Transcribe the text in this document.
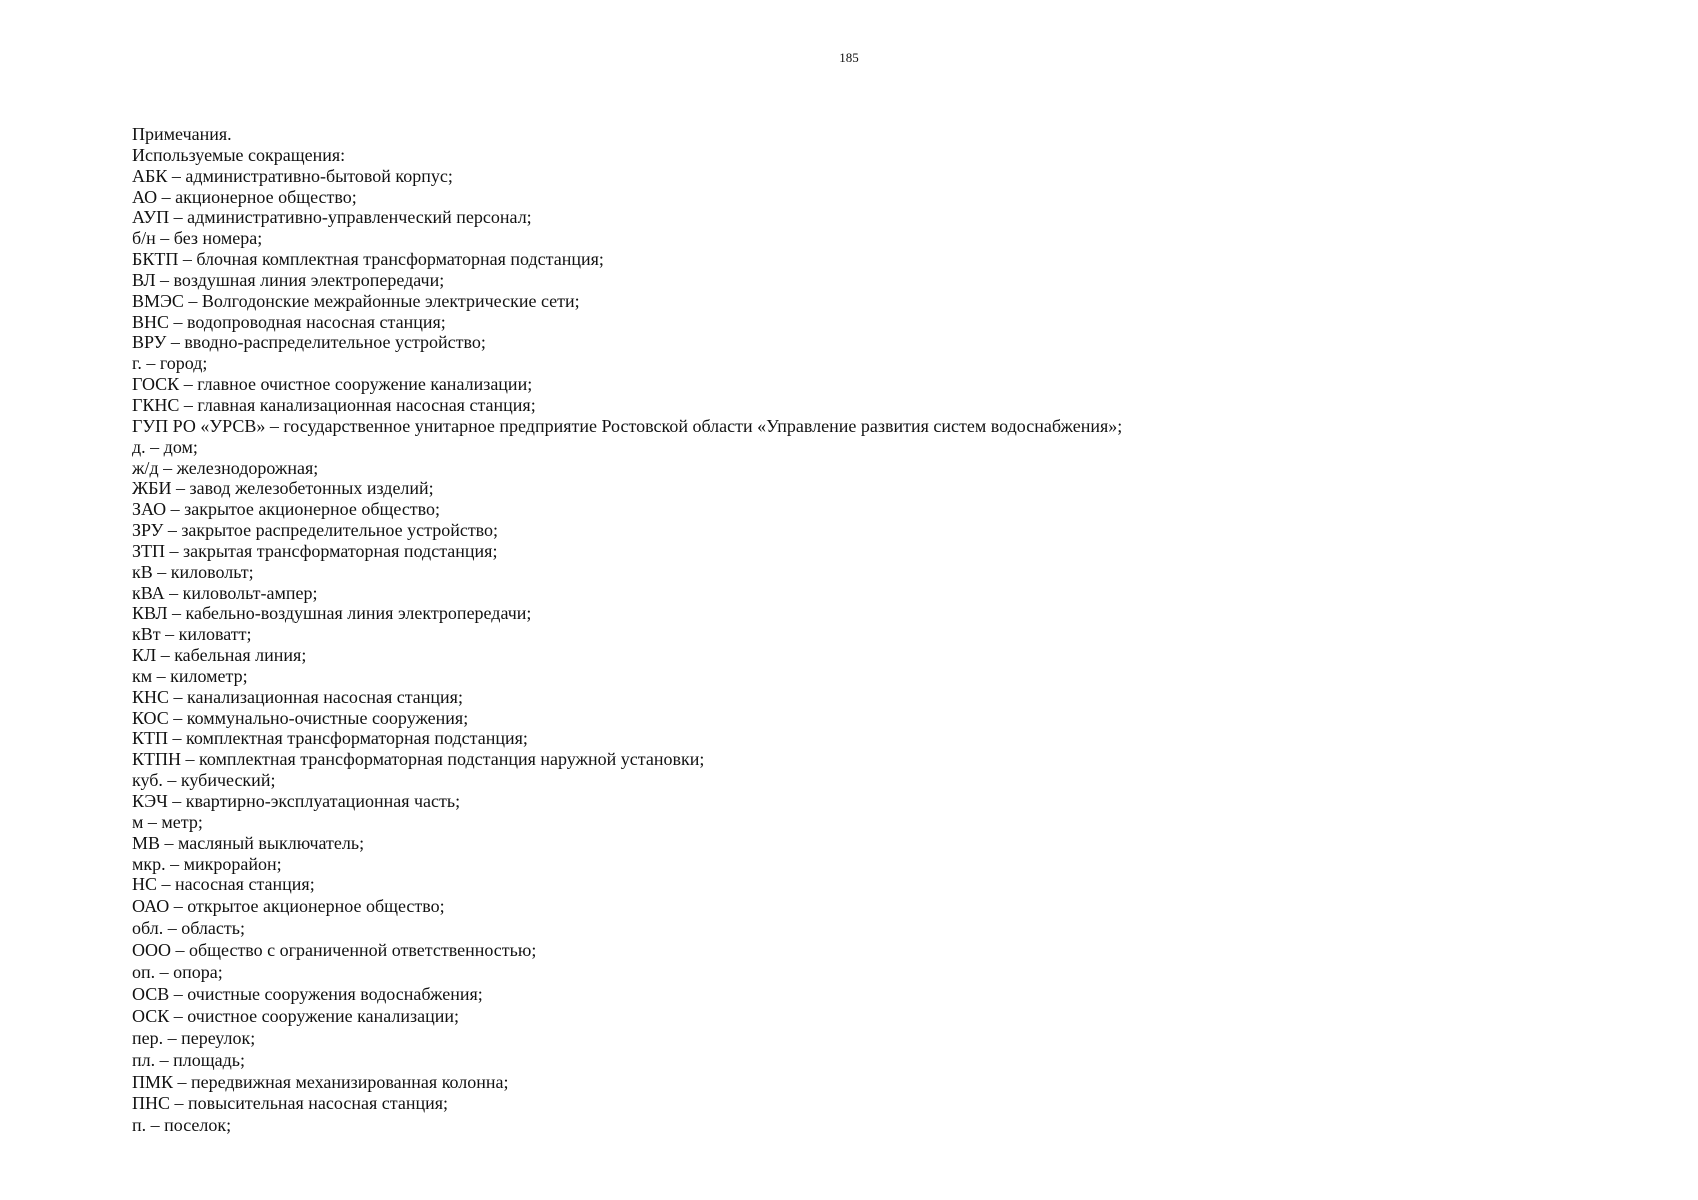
185
Примечания.
Используемые сокращения:
АБК – административно-бытовой корпус;
АО – акционерное общество;
АУП – административно-управленческий персонал;
б/н – без номера;
БКТП – блочная комплектная трансформаторная подстанция;
ВЛ – воздушная линия электропередачи;
ВМЭС – Волгодонские межрайонные электрические сети;
ВНС – водопроводная насосная станция;
ВРУ – вводно-распределительное устройство;
г. – город;
ГОСК – главное очистное сооружение канализации;
ГКНС – главная канализационная насосная станция;
ГУП РО «УРСВ» – государственное унитарное предприятие Ростовской области «Управление развития систем водоснабжения»;
д. – дом;
ж/д – железнодорожная;
ЖБИ – завод железобетонных изделий;
ЗАО – закрытое акционерное общество;
ЗРУ – закрытое распределительное устройство;
ЗТП – закрытая трансформаторная подстанция;
кВ – киловольт;
кВА – киловольт-ампер;
КВЛ – кабельно-воздушная линия электропередачи;
кВт – киловатт;
КЛ – кабельная линия;
км – километр;
КНС – канализационная насосная станция;
КОС – коммунально-очистные сооружения;
КТП – комплектная трансформаторная подстанция;
КТПН – комплектная трансформаторная подстанция наружной установки;
куб. – кубический;
КЭЧ – квартирно-эксплуатационная часть;
м – метр;
МВ – масляный выключатель;
мкр. – микрорайон;
НС – насосная станция;
ОАО – открытое акционерное общество;
обл. – область;
ООО – общество с ограниченной ответственностью;
оп. – опора;
ОСВ – очистные сооружения водоснабжения;
ОСК – очистное сооружение канализации;
пер. – переулок;
пл. – площадь;
ПМК – передвижная механизированная колонна;
ПНС – повысительная насосная станция;
п. – поселок;
